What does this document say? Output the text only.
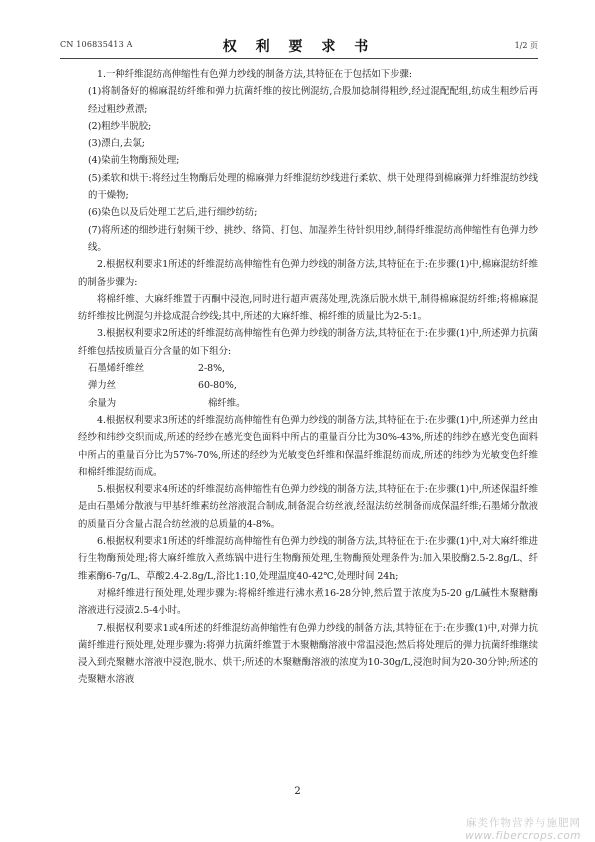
CN 106835413 A	权 利 要 求 书	1/2 页

1.一种纤维混纺高伸缩性有色弹力纱线的制备方法,其特征在于包括如下步骤:

(1)将制备好的棉麻混纺纤维和弹力抗菌纤维的按比例混纺,合股加捻制得粗纱,经过混配配组,纺成生粗纱后再经过粗纱煮漂;

(2)粗纱半脱胶;

(3)漂白,去氯;

(4)染前生物酶预处理;

(5)柔软和烘干:将经过生物酶后处理的棉麻弹力纤维混纺纱线进行柔软、烘干处理得到棉麻弹力纤维混纺纱线的干燥物;

(6)染色以及后处理工艺后,进行细纱纺纺;

(7)将所述的细纱进行射频干纱、挑纱、络筒、打包、加湿养生待针织用纱,制得纤维混纺高伸缩性有色弹力纱线。

2.根据权利要求1所述的纤维混纺高伸缩性有色弹力纱线的制备方法,其特征在于:在步骤(1)中,棉麻混纺纤维的制备步骤为:

将棉纤维、大麻纤维置于丙酮中浸泡,同时进行超声震荡处理,洗涤后脱水烘干,制得棉麻混纺纤维;将棉麻混纺纤维按比例混匀并捻成混合纱线;其中,所述的大麻纤维、棉纤维的质量比为2-5:1。

3.根据权利要求2所述的纤维混纺高伸缩性有色弹力纱线的制备方法,其特征在于:在步骤(1)中,所述弹力抗菌纤维包括按质量百分含量的如下组分:

石墨烯纤维丝	2-8%,

弹力丝	60-80%,

余量为	棉纤维。

4.根据权利要求3所述的纤维混纺高伸缩性有色弹力纱线的制备方法,其特征在于:在步骤(1)中,所述弹力丝由经纱和纬纱交织而成,所述的经纱在感光变色面料中所占的重量百分比为30%-43%,所述的纬纱在感光变色面料中所占的重量百分比为57%-70%,所述的经纱为光敏变色纤维和保温纤维混纺而成,所述的纬纱为光敏变色纤维和棉纤维混纺而成。

5.根据权利要求4所述的纤维混纺高伸缩性有色弹力纱线的制备方法,其特征在于:在步骤(1)中,所述保温纤维是由石墨烯分散液与甲基纤维素纺丝溶液混合制成,制备混合纺丝液,经湿法纺丝制备而成保温纤维;石墨烯分散液的质量百分含量占混合纺丝液的总质量的4-8%。

6.根据权利要求1所述的纤维混纺高伸缩性有色弹力纱线的制备方法,其特征在于:在步骤(1)中,对大麻纤维进行生物酶预处理;将大麻纤维放入煮练锅中进行生物酶预处理,生物酶预处理条件为:加入果胶酶2.5-2.8g/L、纤维素酶6-7g/L、草酸2.4-2.8g/L,浴比1:10,处理温度40-42℃,处理时间 24h;

对棉纤维进行预处理,处理步骤为:将棉纤维进行沸水煮16-28分钟,然后置于浓度为5-20 g/L碱性木聚糖酶溶液进行浸渍2.5-4小时。

7.根据权利要求1或4所述的纤维混纺高伸缩性有色弹力纱线的制备方法,其特征在于:在步骤(1)中,对弹力抗菌纤维进行预处理,处理步骤为:将弹力抗菌纤维置于木聚糖酶溶液中常温浸泡;然后将处理后的弹力抗菌纤维继续浸入到壳聚糖水溶液中浸泡,脱水、烘干;所述的木聚糖酶溶液的浓度为10-30g/L,浸泡时间为20-30分钟;所述的壳聚糖水溶液

2
麻类作物营养与施肥网
www.fibercrops.com
